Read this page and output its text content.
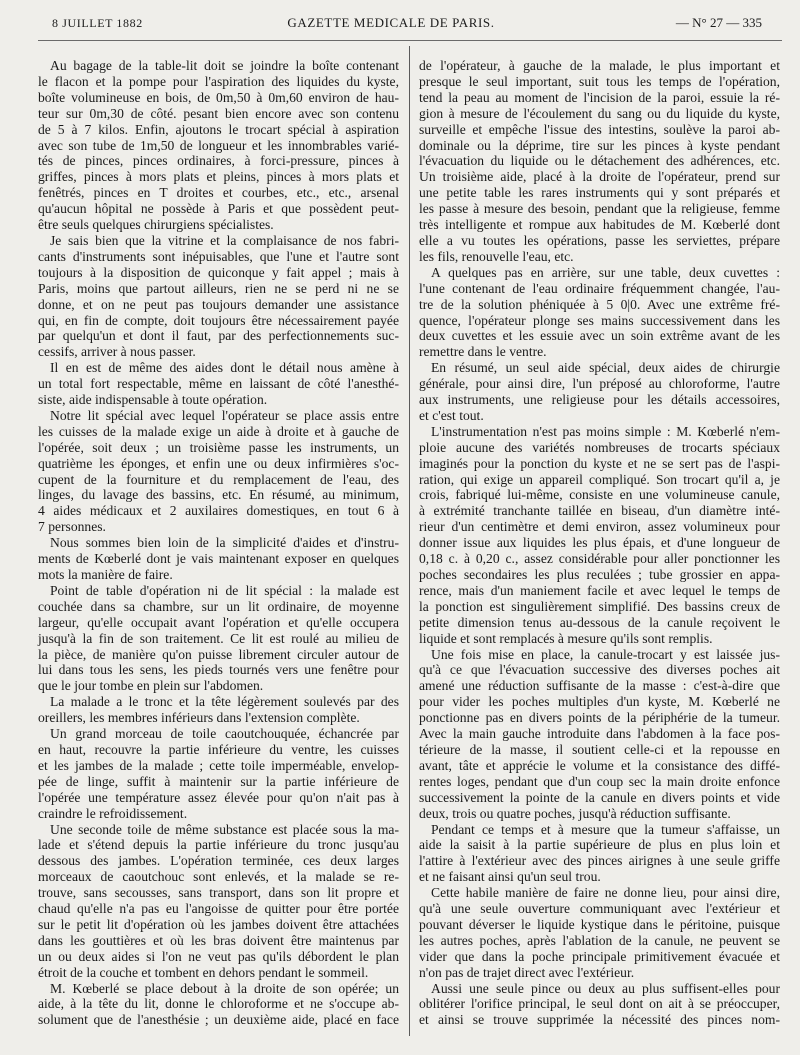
8 JUILLET 1882	GAZETTE MEDICALE DE PARIS.	— N° 27 — 335
Au bagage de la table-lit doit se joindre la boîte contenant
le flacon et la pompe pour l'aspiration des liquides du kyste,
boîte volumineuse en bois, de 0m,50 à 0m,60 environ de hau-
teur sur 0m,30 de côté. pesant bien encore avec son contenu
de 5 à 7 kilos. Enfin, ajoutons le trocart spécial à aspiration
avec son tube de 1m,50 de longueur et les innombrables varié-
tés de pinces, pinces ordinaires, à forci-pressure, pinces à
griffes, pinces à mors plats et pleins, pinces à mors plats et
fenêtrés, pinces en T droites et courbes, etc., etc., arsenal
qu'aucun hôpital ne possède à Paris et que possèdent peut-
être seuls quelques chirurgiens spécialistes.
Je sais bien que la vitrine et la complaisance de nos fabri-
cants d'instruments sont inépuisables, que l'une et l'autre sont
toujours à la disposition de quiconque y fait appel ; mais à
Paris, moins que partout ailleurs, rien ne se perd ni ne se
donne, et on ne peut pas toujours demander une assistance
qui, en fin de compte, doit toujours être nécessairement payée
par quelqu'un et dont il faut, par des perfectionnements suc-
cessifs, arriver à nous passer.
Il en est de même des aides dont le détail nous amène à
un total fort respectable, même en laissant de côté l'anesthé-
siste, aide indispensable à toute opération.
Notre lit spécial avec lequel l'opérateur se place assis entre
les cuisses de la malade exige un aide à droite et à gauche de
l'opérée, soit deux ; un troisième passe les instruments, un
quatrième les éponges, et enfin une ou deux infirmières s'oc-
cupent de la fourniture et du remplacement de l'eau, des
linges, du lavage des bassins, etc. En résumé, au minimum,
4 aides médicaux et 2 auxilaires domestiques, en tout 6 à
7 personnes.
Nous sommes bien loin de la simplicité d'aides et d'instru-
ments de Kœberlé dont je vais maintenant exposer en quelques
mots la manière de faire.
Point de table d'opération ni de lit spécial : la malade est
couchée dans sa chambre, sur un lit ordinaire, de moyenne
largeur, qu'elle occupait avant l'opération et qu'elle occupera
jusqu'à la fin de son traitement. Ce lit est roulé au milieu de
la pièce, de manière qu'on puisse librement circuler autour de
lui dans tous les sens, les pieds tournés vers une fenêtre pour
que le jour tombe en plein sur l'abdomen.
La malade a le tronc et la tête légèrement soulevés par des
oreillers, les membres inférieurs dans l'extension complète.
Un grand morceau de toile caoutchouquée, échancrée par
en haut, recouvre la partie inférieure du ventre, les cuisses
et les jambes de la malade ; cette toile imperméable, envelop-
pée de linge, suffit à maintenir sur la partie inférieure de
l'opérée une température assez élevée pour qu'on n'ait pas à
craindre le refroidissement.
Une seconde toile de même substance est placée sous la ma-
lade et s'étend depuis la partie inférieure du tronc jusqu'au
dessous des jambes. L'opération terminée, ces deux larges
morceaux de caoutchouc sont enlevés, et la malade se re-
trouve, sans secousses, sans transport, dans son lit propre et
chaud qu'elle n'a pas eu l'angoisse de quitter pour être portée
sur le petit lit d'opération où les jambes doivent être attachées
dans les gouttières et où les bras doivent être maintenus par
un ou deux aides si l'on ne veut pas qu'ils débordent le plan
étroit de la couche et tombent en dehors pendant le sommeil.
M. Kœberlé se place debout à la droite de son opérée; un
aide, à la tête du lit, donne le chloroforme et ne s'occupe ab-
solument que de l'anesthésie ; un deuxième aide, placé en face
de l'opérateur, à gauche de la malade, le plus important et
presque le seul important, suit tous les temps de l'opération,
tend la peau au moment de l'incision de la paroi, essuie la ré-
gion à mesure de l'écoulement du sang ou du liquide du kyste,
surveille et empêche l'issue des intestins, soulève la paroi ab-
dominale ou la déprime, tire sur les pinces à kyste pendant
l'évacuation du liquide ou le détachement des adhérences, etc.
Un troisième aide, placé à la droite de l'opérateur, prend sur
une petite table les rares instruments qui y sont préparés et
les passe à mesure des besoin, pendant que la religieuse, femme
très intelligente et rompue aux habitudes de M. Kœberlé dont
elle a vu toutes les opérations, passe les serviettes, prépare
les fils, renouvelle l'eau, etc.
A quelques pas en arrière, sur une table, deux cuvettes :
l'une contenant de l'eau ordinaire fréquemment changée, l'au-
tre de la solution phéniquée à 5 0|0. Avec une extrême fré-
quence, l'opérateur plonge ses mains successivement dans les
deux cuvettes et les essuie avec un soin extrême avant de les
remettre dans le ventre.
En résumé, un seul aide spécial, deux aides de chirurgie
générale, pour ainsi dire, l'un préposé au chloroforme, l'autre
aux instruments, une religieuse pour les détails accessoires,
et c'est tout.
L'instrumentation n'est pas moins simple : M. Kœberlé n'em-
ploie aucune des variétés nombreuses de trocarts spéciaux
imaginés pour la ponction du kyste et ne se sert pas de l'aspi-
ration, qui exige un appareil compliqué. Son trocart qu'il a, je
crois, fabriqué lui-même, consiste en une volumineuse canule,
à extrémité tranchante taillée en biseau, d'un diamètre inté-
rieur d'un centimètre et demi environ, assez volumineux pour
donner issue aux liquides les plus épais, et d'une longueur de
0,18 c. à 0,20 c., assez considérable pour aller ponctionner les
poches secondaires les plus reculées ; tube grossier en appa-
rence, mais d'un maniement facile et avec lequel le temps de
la ponction est singulièrement simplifié. Des bassins creux de
petite dimension tenus au-dessous de la canule reçoivent le
liquide et sont remplacés à mesure qu'ils sont remplis.
Une fois mise en place, la canule-trocart y est laissée jus-
qu'à ce que l'évacuation successive des diverses poches ait
amené une réduction suffisante de la masse : c'est-à-dire que
pour vider les poches multiples d'un kyste, M. Kœberlé ne
ponctionne pas en divers points de la périphérie de la tumeur.
Avec la main gauche introduite dans l'abdomen à la face pos-
térieure de la masse, il soutient celle-ci et la repousse en
avant, tâte et apprécie le volume et la consistance des diffé-
rentes loges, pendant que d'un coup sec la main droite enfonce
successivement la pointe de la canule en divers points et vide
deux, trois ou quatre poches, jusqu'à réduction suffisante.
Pendant ce temps et à mesure que la tumeur s'affaisse, un
aide la saisit à la partie supérieure de plus en plus loin et
l'attire à l'extérieur avec des pinces airignes à une seule griffe
et ne faisant ainsi qu'un seul trou.
Cette habile manière de faire ne donne lieu, pour ainsi dire,
qu'à une seule ouverture communiquant avec l'extérieur et
pouvant déverser le liquide kystique dans le péritoine, puisque
les autres poches, après l'ablation de la canule, ne peuvent se
vider que dans la poche principale primitivement évacuée et
n'on pas de trajet direct avec l'extérieur.
Aussi une seule pince ou deux au plus suffisent-elles pour
oblitérer l'orifice principal, le seul dont on ait à se préoccuper,
et ainsi se trouve supprimée la nécessité des pinces nom-
